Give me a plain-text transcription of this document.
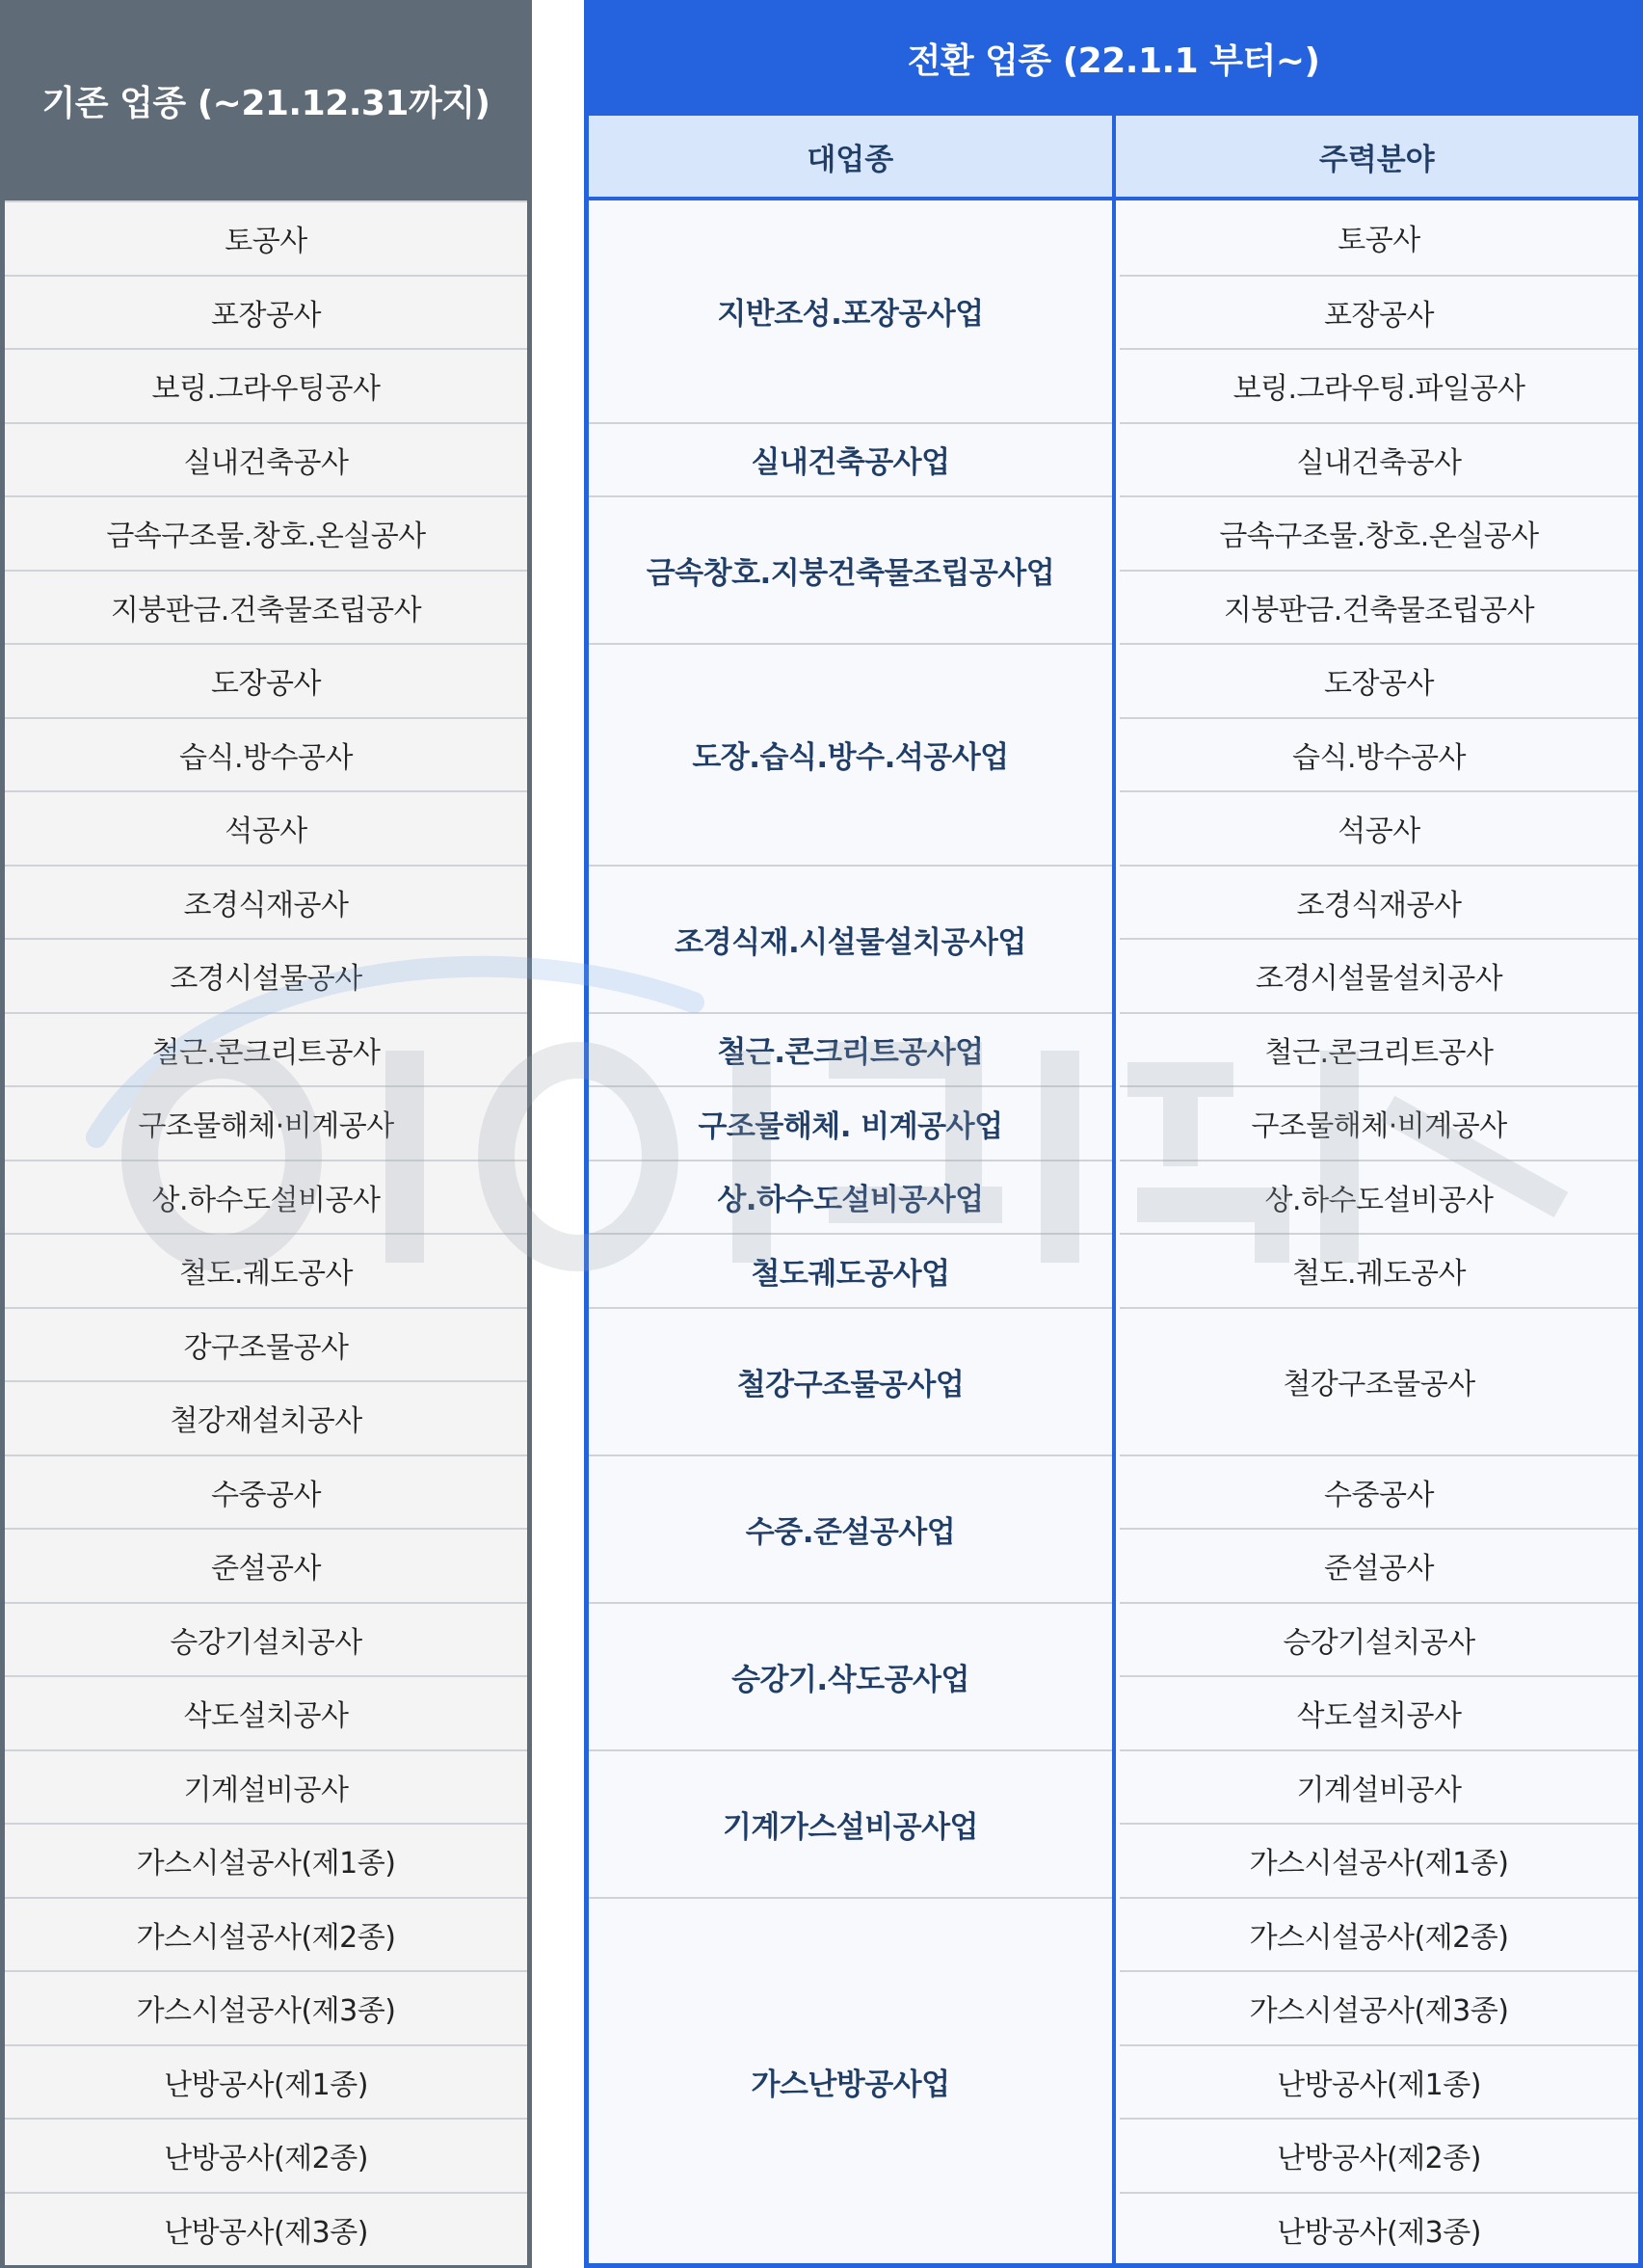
기존 업종 (~21.12.31까지)
토공사
포장공사
보링.그라우팅공사
실내건축공사
금속구조물.창호.온실공사
지붕판금.건축물조립공사
도장공사
습식.방수공사
석공사
조경식재공사
조경시설물공사
철근.콘크리트공사
구조물해체·비계공사
상.하수도설비공사
철도.궤도공사
강구조물공사
철강재설치공사
수중공사
준설공사
승강기설치공사
삭도설치공사
기계설비공사
가스시설공사(제1종)
가스시설공사(제2종)
가스시설공사(제3종)
난방공사(제1종)
난방공사(제2종)
난방공사(제3종)
전환 업종 (22.1.1 부터~)
대업종	주력분야
지반조성.포장공사업
실내건축공사업
금속창호.지붕건축물조립공사업
도장.습식.방수.석공사업
조경식재.시설물설치공사업
철근.콘크리트공사업
구조물해체. 비계공사업
상.하수도설비공사업
철도궤도공사업
철강구조물공사업
수중.준설공사업
승강기.삭도공사업
기계가스설비공사업
가스난방공사업
토공사
포장공사
보링.그라우팅.파일공사
실내건축공사
금속구조물.창호.온실공사
지붕판금.건축물조립공사
도장공사
습식.방수공사
석공사
조경식재공사
조경시설물설치공사
철근.콘크리트공사
구조물해체·비계공사
상.하수도설비공사
철도.궤도공사
철강구조물공사
수중공사
준설공사
승강기설치공사
삭도설치공사
기계설비공사
가스시설공사(제1종)
가스시설공사(제2종)
가스시설공사(제3종)
난방공사(제1종)
난방공사(제2종)
난방공사(제3종)
